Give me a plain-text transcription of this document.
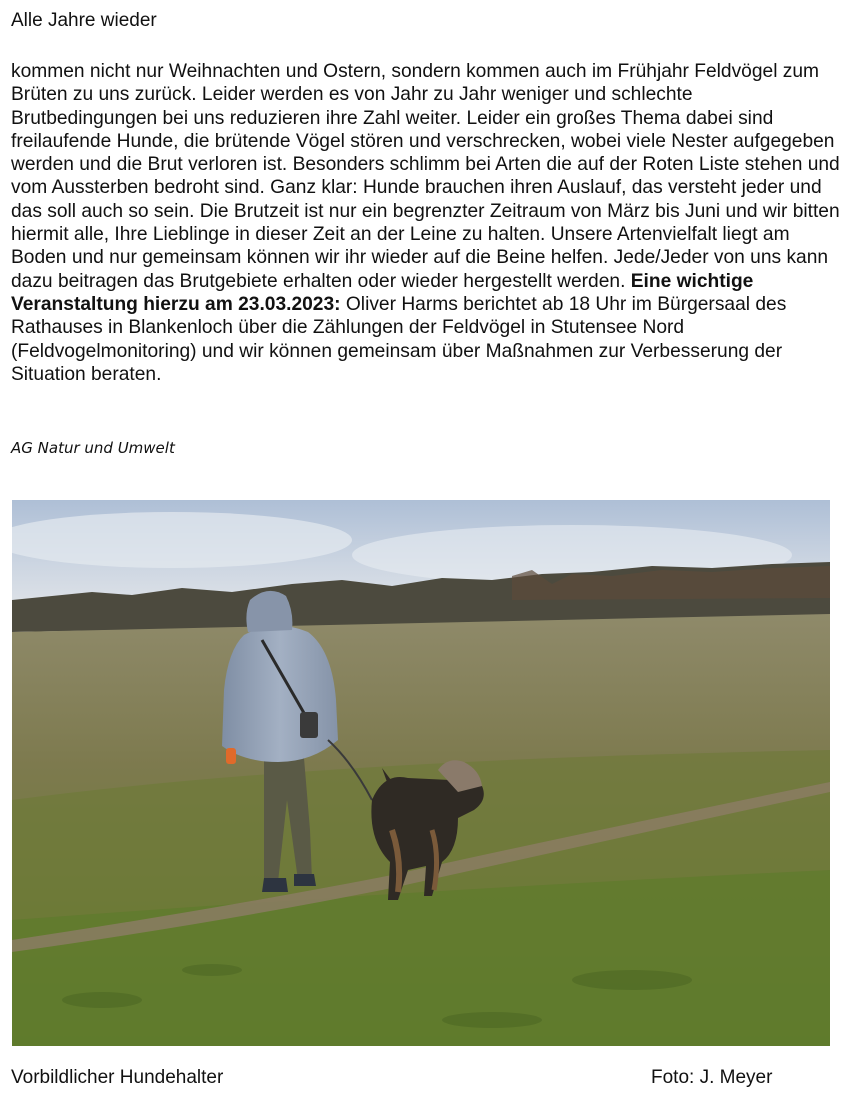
Alle Jahre wieder

kommen nicht nur Weihnachten und Ostern, sondern kommen auch im Frühjahr Feldvögel zum Brüten zu uns zurück. Leider werden es von Jahr zu Jahr weniger und schlechte Brutbedingungen bei uns reduzieren ihre Zahl weiter. Leider ein großes Thema dabei sind freilaufende Hunde, die brütende Vögel stören und verschrecken, wobei viele Nester aufgegeben werden und die Brut verloren ist. Besonders schlimm bei Arten die auf der Roten Liste stehen und vom Aussterben bedroht sind. Ganz klar: Hunde brauchen ihren Auslauf, das versteht jeder und das soll auch so sein. Die Brutzeit ist nur ein begrenzter Zeitraum von März bis Juni und wir bitten hiermit alle, Ihre Lieblinge in dieser Zeit an der Leine zu halten. Unsere Artenvielfalt liegt am Boden und nur gemeinsam können wir ihr wieder auf die Beine helfen. Jede/Jeder von uns kann dazu beitragen das Brutgebiete erhalten oder wieder hergestellt werden. Eine wichtige Veranstaltung hierzu am 23.03.2023: Oliver Harms berichtet ab 18 Uhr im Bürgersaal des Rathauses in Blankenloch über die Zählungen der Feldvögel in Stutensee Nord (Feldvogelmonitoring) und wir können gemeinsam über Maßnahmen zur Verbesserung der Situation beraten.

AG Natur und Umwelt
Vorbildlicher Hundehalter	Foto: J. Meyer
